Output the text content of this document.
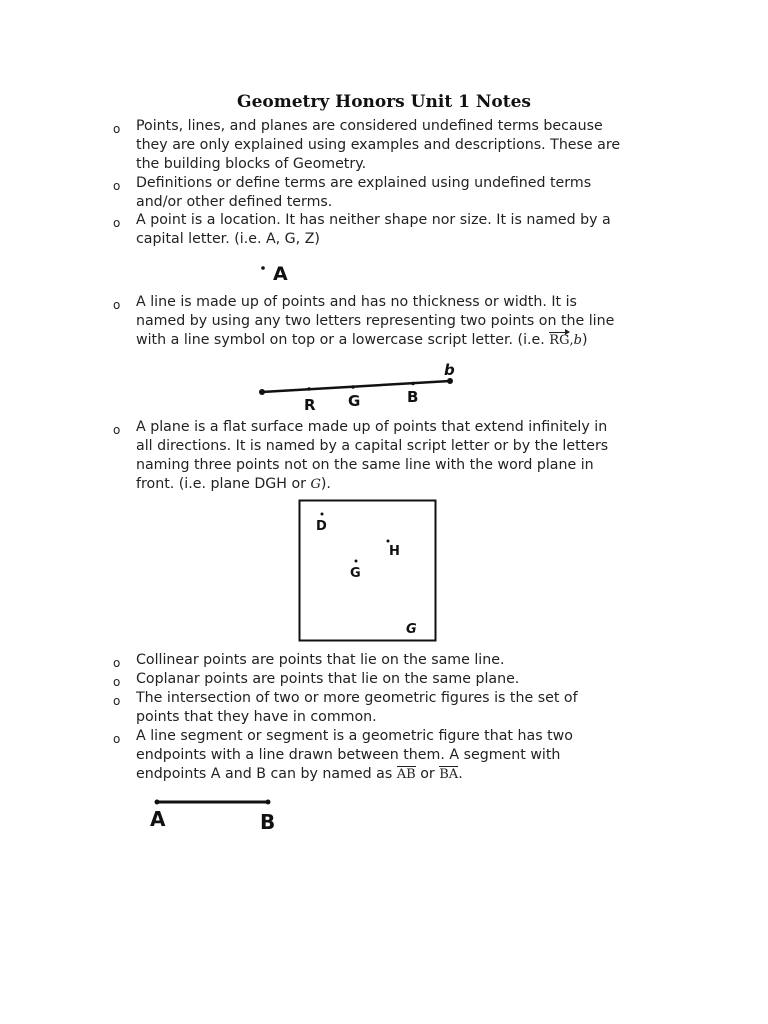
Geometry Honors Unit 1 Notes
o Points, lines, and planes are considered undefined terms because
they are only explained using examples and descriptions. These are
the building blocks of Geometry.
o Definitions or define terms are explained using undefined terms
and/or other defined terms.
o A point is a location. It has neither shape nor size. It is named by a
capital letter. (i.e. A, G, Z)
A
o A line is made up of points and has no thickness or width. It is
named by using any two letters representing two points on the line
with a line symbol on top or a lowercase script letter. (i.e. RG,b)
R G	B
b
o A plane is a flat surface made up of points that extend infinitely in
all directions. It is named by a capital script letter or by the letters
naming three points not on the same line with the word plane in
front. (i.e. plane DGH or G).
D
H
G
G
o Collinear points are points that lie on the same line.
o Coplanar points are points that lie on the same plane.
o The intersection of two or more geometric figures is the set of
points that they have in common.
o A line segment or segment is a geometric figure that has two
endpoints with a line drawn between them. A segment with
endpoints A and B can by named as AB or BA.
A	B
